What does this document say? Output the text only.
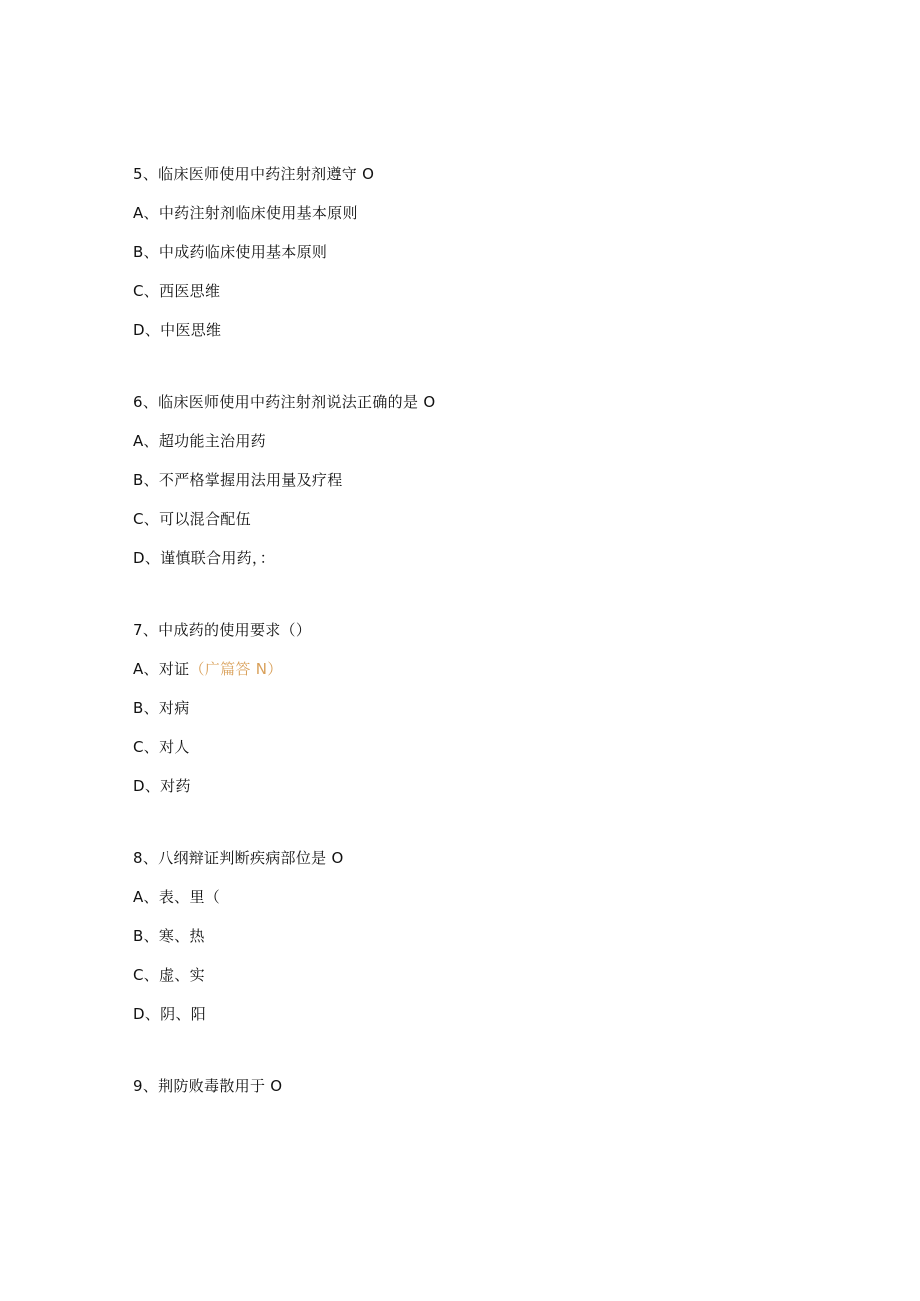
5、临床医师使用中药注射剂遵守 O
A、中药注射剂临床使用基本原则
B、中成药临床使用基本原则
C、西医思维
D、中医思维
6、临床医师使用中药注射剂说法正确的是 O
A、超功能主治用药
B、不严格掌握用法用量及疗程
C、可以混合配伍
D、谨慎联合用药，：
7、中成药的使用要求（）
A、对证（广篇答 N）
B、对病
C、对人
D、对药
8、八纲辩证判断疾病部位是 O
A、表、里（
B、寒、热
C、虚、实
D、阴、阳
9、荆防败毒散用于 O
